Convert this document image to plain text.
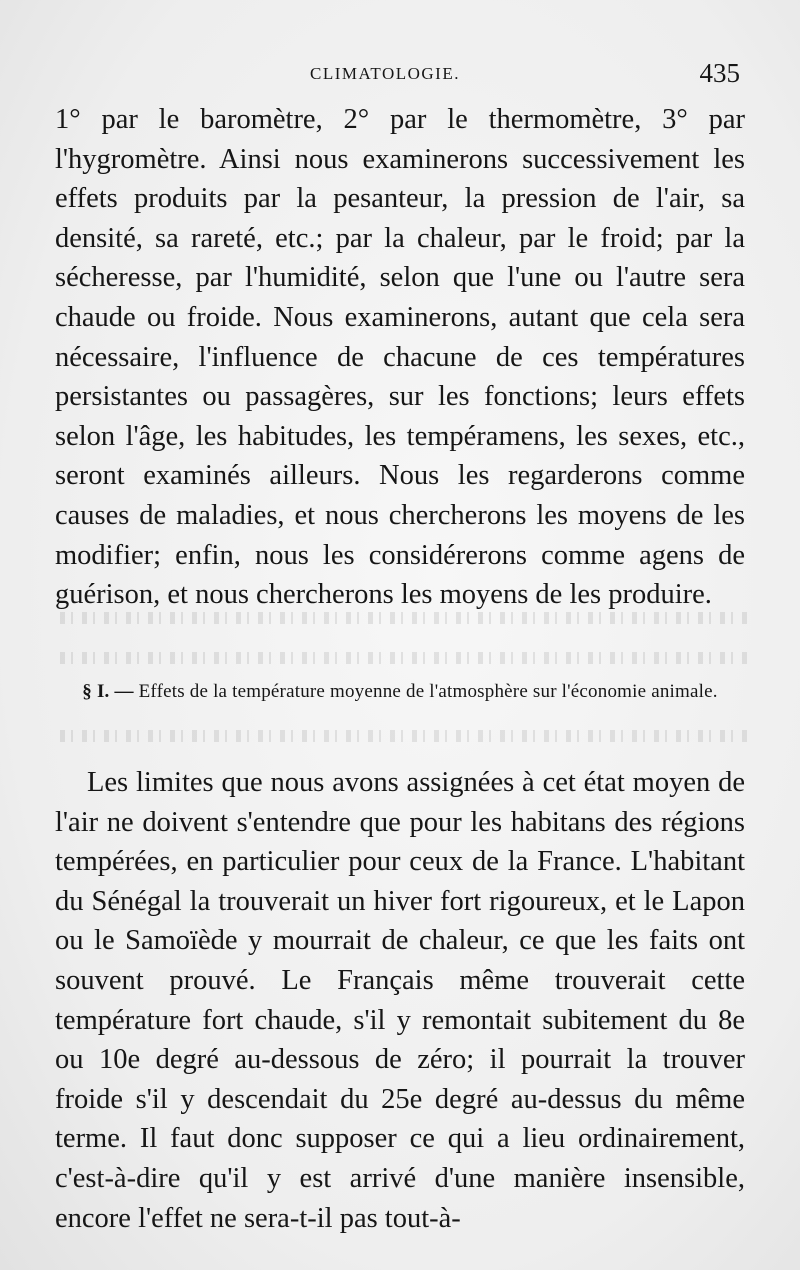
CLIMATOLOGIE.	435

1° par le baromètre, 2° par le thermomètre, 3° par l'hygromètre. Ainsi nous examinerons successivement les effets produits par la pesanteur, la pression de l'air, sa densité, sa rareté, etc.; par la chaleur, par le froid; par la sécheresse, par l'humidité, selon que l'une ou l'autre sera chaude ou froide. Nous examinerons, autant que cela sera nécessaire, l'influence de chacune de ces températures persistantes ou passagères, sur les fonctions; leurs effets selon l'âge, les habitudes, les tempéramens, les sexes, etc., seront examinés ailleurs. Nous les regarderons comme causes de maladies, et nous chercherons les moyens de les modifier; enfin, nous les considérerons comme agens de guérison, et nous chercherons les moyens de les produire.

§ I. — Effets de la température moyenne de l'atmosphère sur l'économie animale.

Les limites que nous avons assignées à cet état moyen de l'air ne doivent s'entendre que pour les habitans des régions tempérées, en particulier pour ceux de la France. L'habitant du Sénégal la trouverait un hiver fort rigoureux, et le Lapon ou le Samoïède y mourrait de chaleur, ce que les faits ont souvent prouvé. Le Français même trouverait cette température fort chaude, s'il y remontait subitement du 8e ou 10e degré au-dessous de zéro; il pourrait la trouver froide s'il y descendait du 25e degré au-dessus du même terme. Il faut donc supposer ce qui a lieu ordinairement, c'est-à-dire qu'il y est arrivé d'une manière insensible, encore l'effet ne sera-t-il pas tout-à-
